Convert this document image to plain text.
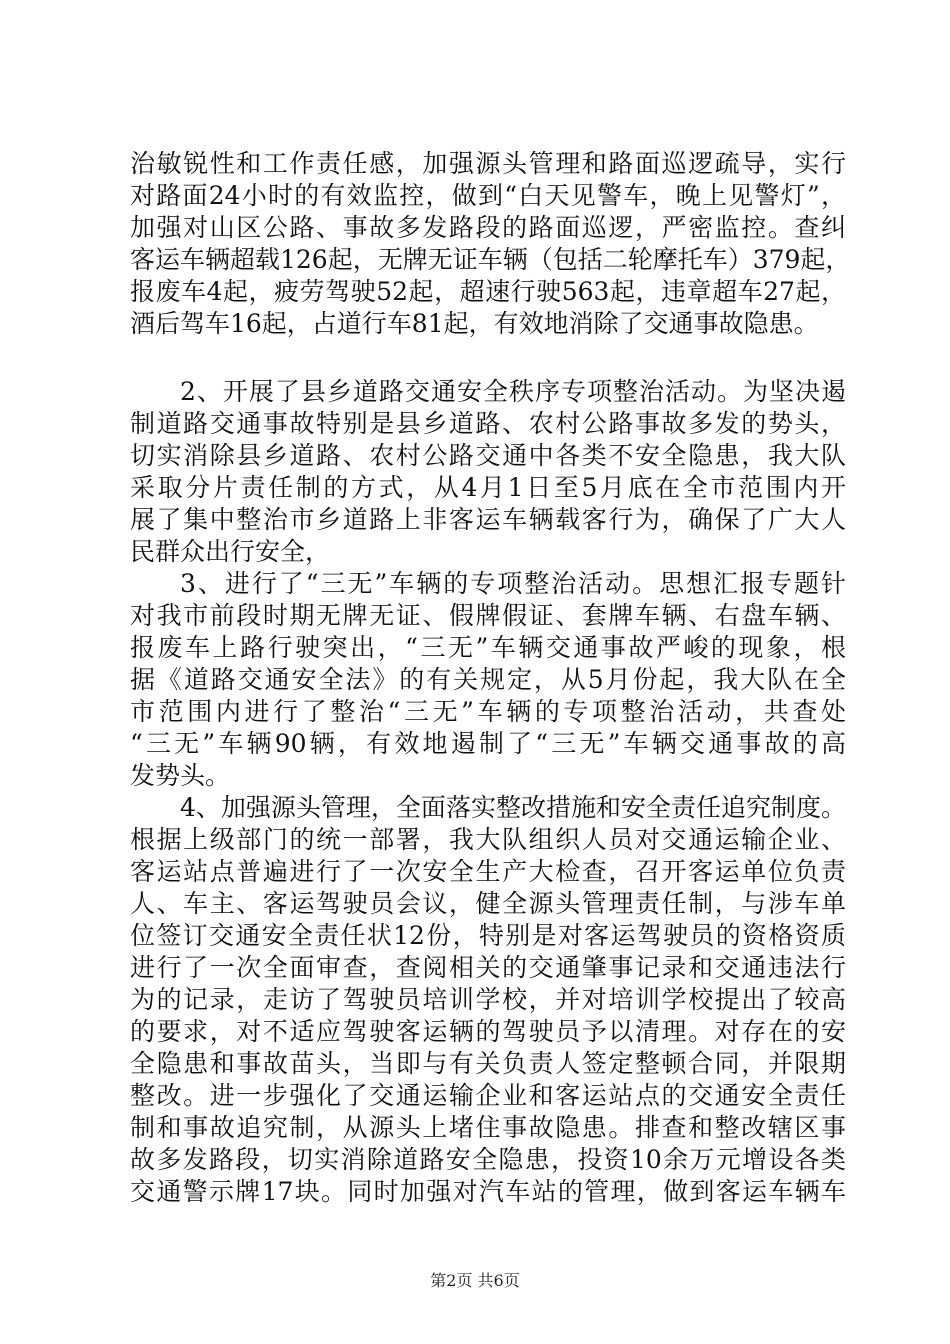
治敏锐性和工作责任感，加强源头管理和路面巡逻疏导，实行
对路面24小时的有效监控，做到“白天见警车，晚上见警灯”，
加强对山区公路、事故多发路段的路面巡逻，严密监控。查纠
客运车辆超载126起，无牌无证车辆（包括二轮摩托车）379起，
报废车4起，疲劳驾驶52起，超速行驶563起，违章超车27起，
酒后驾车16起，占道行车81起，有效地消除了交通事故隐患。
2、开展了县乡道路交通安全秩序专项整治活动。为坚决遏
制道路交通事故特别是县乡道路、农村公路事故多发的势头，
切实消除县乡道路、农村公路交通中各类不安全隐患，我大队
采取分片责任制的方式，从4月1日至5月底在全市范围内开
展了集中整治市乡道路上非客运车辆载客行为，确保了广大人
民群众出行安全，
3、进行了“三无”车辆的专项整治活动。思想汇报专题针
对我市前段时期无牌无证、假牌假证、套牌车辆、右盘车辆、
报废车上路行驶突出，“三无”车辆交通事故严峻的现象，根
据《道路交通安全法》的有关规定，从5月份起，我大队在全
市范围内进行了整治“三无”车辆的专项整治活动，共查处
“三无”车辆90辆，有效地遏制了“三无”车辆交通事故的高
发势头。
4、加强源头管理，全面落实整改措施和安全责任追究制度。
根据上级部门的统一部署，我大队组织人员对交通运输企业、
客运站点普遍进行了一次安全生产大检查，召开客运单位负责
人、车主、客运驾驶员会议，健全源头管理责任制，与涉车单
位签订交通安全责任状12份，特别是对客运驾驶员的资格资质
进行了一次全面审查，查阅相关的交通肇事记录和交通违法行
为的记录，走访了驾驶员培训学校，并对培训学校提出了较高
的要求，对不适应驾驶客运辆的驾驶员予以清理。对存在的安
全隐患和事故苗头，当即与有关负责人签定整顿合同，并限期
整改。进一步强化了交通运输企业和客运站点的交通安全责任
制和事故追究制，从源头上堵住事故隐患。排查和整改辖区事
故多发路段，切实消除道路安全隐患，投资10余万元增设各类
交通警示牌17块。同时加强对汽车站的管理，做到客运车辆车
第2页 共6页
